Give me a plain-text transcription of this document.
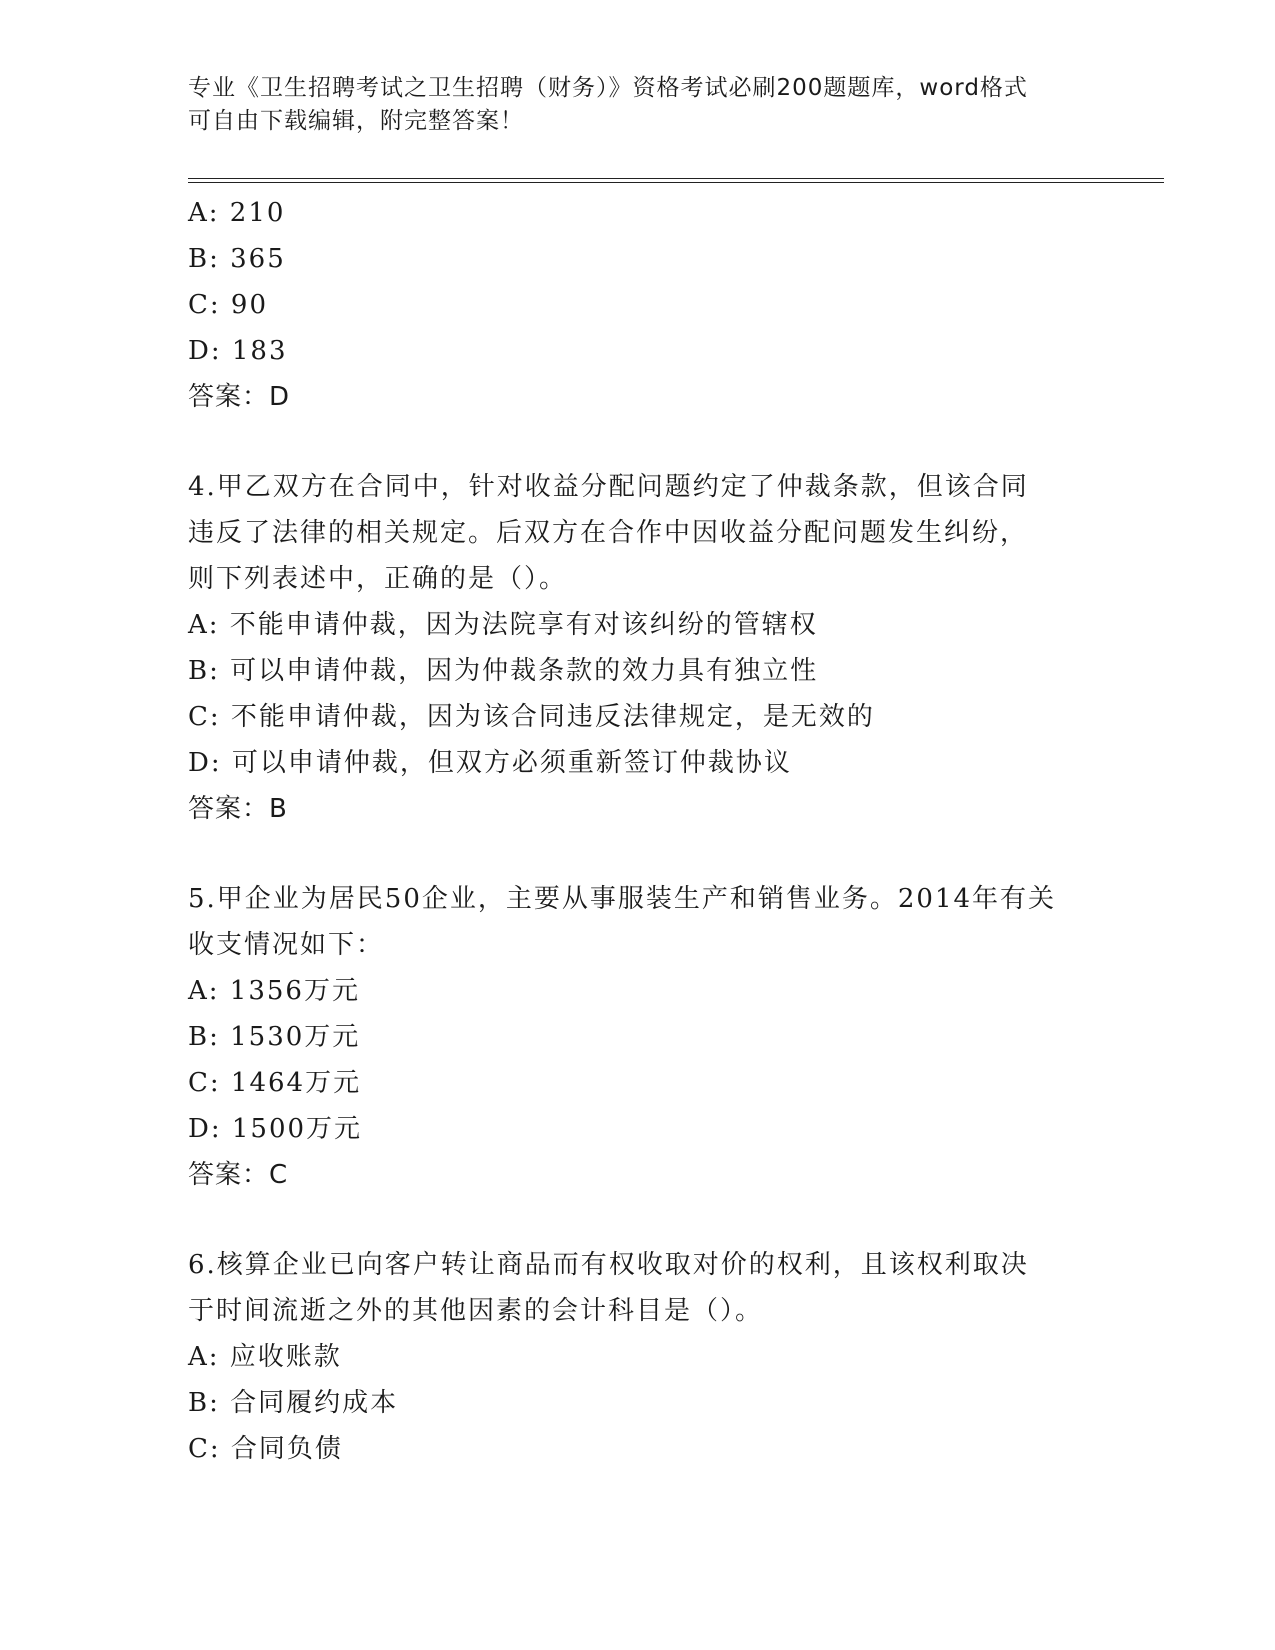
专业《卫生招聘考试之卫生招聘（财务）》资格考试必刷200题题库，word格式
可自由下载编辑，附完整答案！
A: 210
B: 365
C: 90
D: 183
答案：D
4.甲乙双方在合同中，针对收益分配问题约定了仲裁条款，但该合同
违反了法律的相关规定。后双方在合作中因收益分配问题发生纠纷，
则下列表述中，正确的是（）。
A: 不能申请仲裁，因为法院享有对该纠纷的管辖权
B: 可以申请仲裁，因为仲裁条款的效力具有独立性
C: 不能申请仲裁，因为该合同违反法律规定，是无效的
D: 可以申请仲裁，但双方必须重新签订仲裁协议
答案：B
5.甲企业为居民50企业，主要从事服装生产和销售业务。2014年有关
收支情况如下：
A: 1356万元
B: 1530万元
C: 1464万元
D: 1500万元
答案：C
6.核算企业已向客户转让商品而有权收取对价的权利，且该权利取决
于时间流逝之外的其他因素的会计科目是（）。
A: 应收账款
B: 合同履约成本
C: 合同负债
